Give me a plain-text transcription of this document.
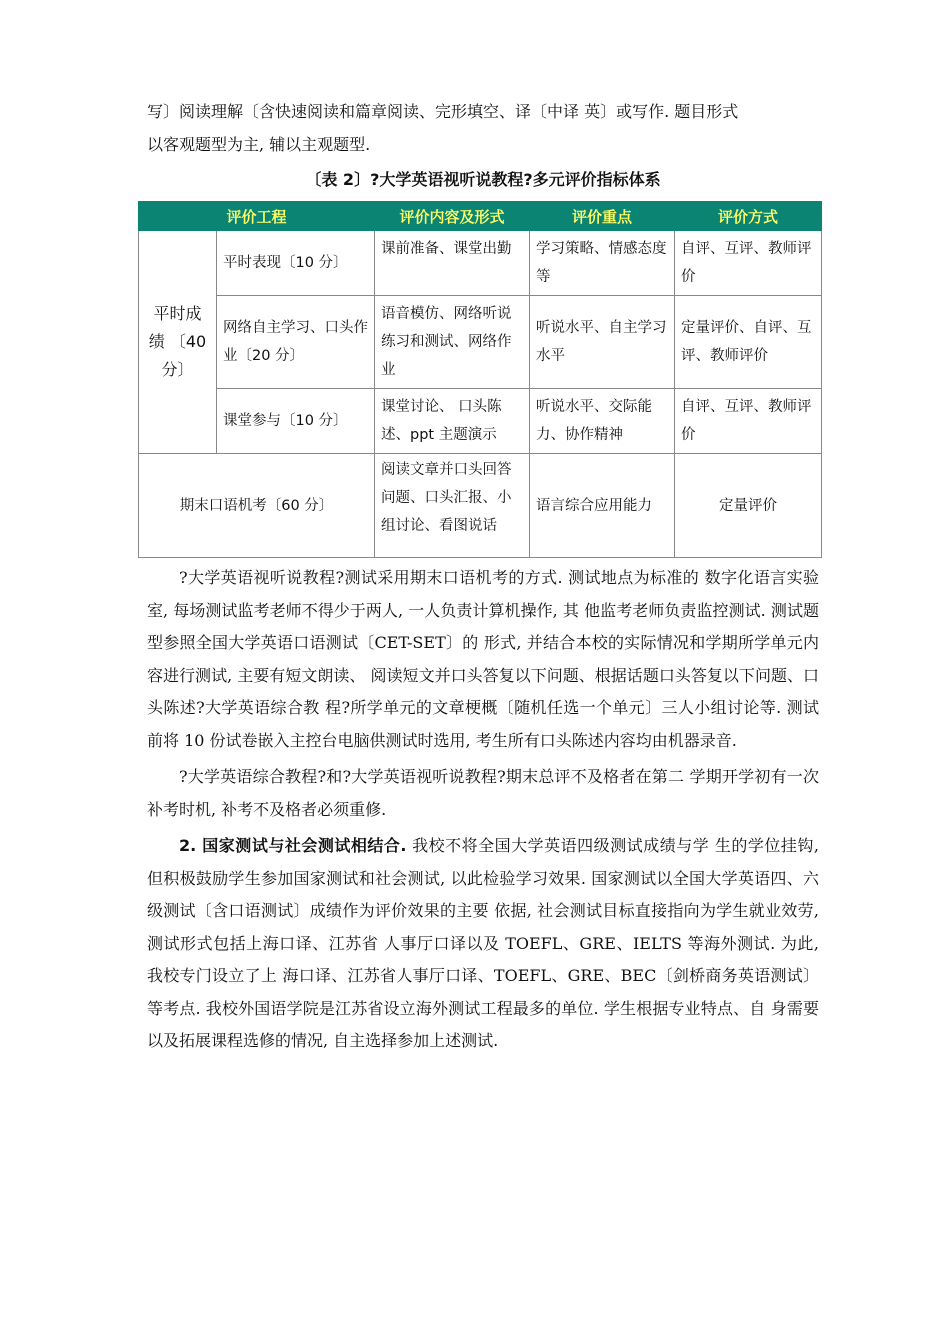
写〕阅读理解〔含快速阅读和篇章阅读、完形填空、译〔中译 英〕或写作. 题目形式

以客观题型为主, 辅以主观题型.

〔表 2〕?大学英语视听说教程?多元评价指标体系
评价工程		评价内容及形式	评价重点	评价方式
平时成绩 〔40分〕	平时表现〔10 分〕	课前准备、课堂出勤	学习策略、情感态度等	自评、互评、教师评价
	网络自主学习、口头作业〔20 分〕	语音模仿、网络听说练习和测试、网络作业	听说水平、自主学习水平	定量评价、自评、互评、教师评价
	课堂参与〔10 分〕	课堂讨论、 口头陈述、ppt 主题演示	听说水平、交际能力、协作精神	自评、互评、教师评价
期末口语机考〔60 分〕		阅读文章并口头回答问题、口头汇报、小组讨论、看图说话	语言综合应用能力	定量评价

?大学英语视听说教程?测试采用期末口语机考的方式. 测试地点为标准的 数字化语言实验室, 每场测试监考老师不得少于两人, 一人负责计算机操作, 其 他监考老师负责监控测试. 测试题型参照全国大学英语口语测试〔CET-SET〕的 形式, 并结合本校的实际情况和学期所学单元内容进行测试, 主要有短文朗读、 阅读短文并口头答复以下问题、根据话题口头答复以下问题、口头陈述?大学英语综合教 程?所学单元的文章梗概〔随机任选一个单元〕三人小组讨论等. 测试前将 10 份试卷嵌入主控台电脑供测试时选用, 考生所有口头陈述内容均由机器录音.

?大学英语综合教程?和?大学英语视听说教程?期末总评不及格者在第二 学期开学初有一次补考时机, 补考不及格者必须重修.

2. 国家测试与社会测试相结合. 我校不将全国大学英语四级测试成绩与学 生的学位挂钩, 但积极鼓励学生参加国家测试和社会测试, 以此检验学习效果. 国家测试以全国大学英语四、六级测试〔含口语测试〕成绩作为评价效果的主要 依据, 社会测试目标直接指向为学生就业效劳, 测试形式包括上海口译、江苏省 人事厅口译以及 TOEFL、GRE、IELTS 等海外测试. 为此, 我校专门设立了上 海口译、江苏省人事厅口译、TOEFL、GRE、BEC〔剑桥商务英语测试〕等考点. 我校外国语学院是江苏省设立海外测试工程最多的单位. 学生根据专业特点、自 身需要以及拓展课程选修的情况, 自主选择参加上述测试.
